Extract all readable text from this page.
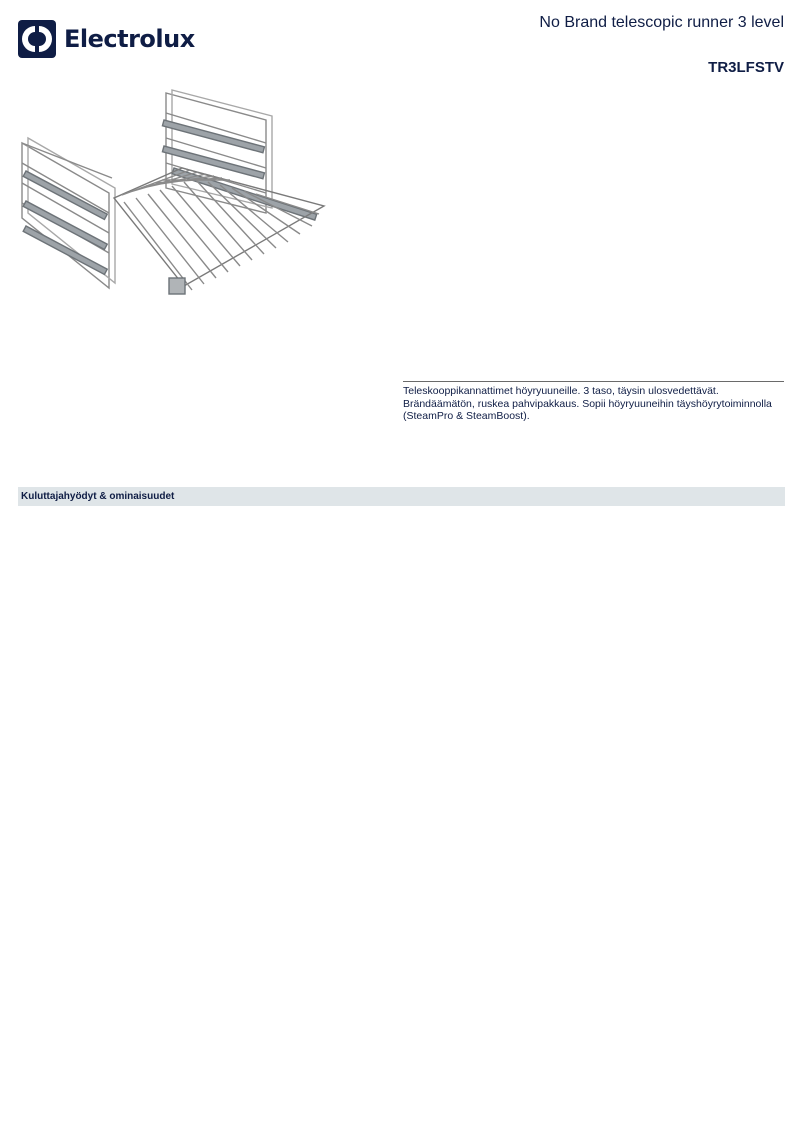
Electrolux
No Brand telescopic runner 3 level
TR3LFSTV
Teleskooppikannattimet höyryuuneille. 3 taso, täysin ulosvedettävät. Brändäämätön, ruskea pahvipakkaus. Sopii höyryuuneihin täyshöyrytoiminnolla (SteamPro & SteamBoost).
Kuluttajahyödyt & ominaisuudet
